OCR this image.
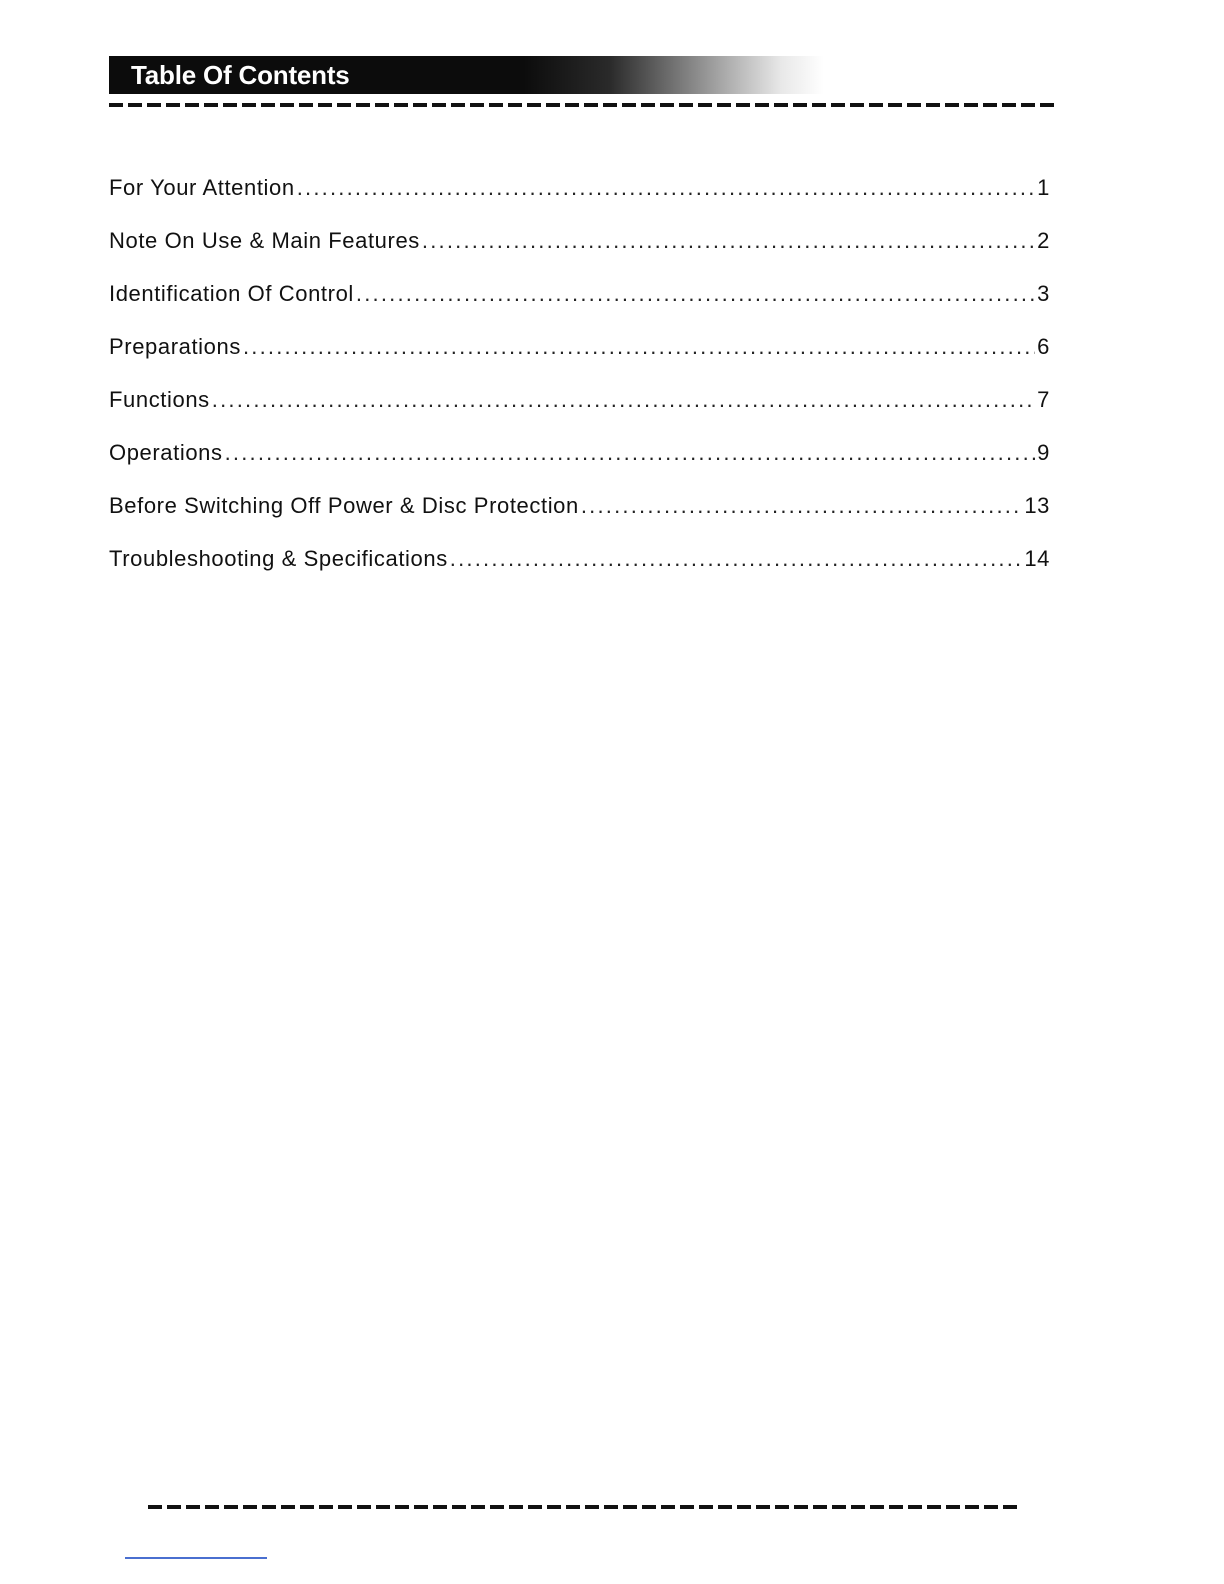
Table Of Contents
For Your Attention .....	1
Note On Use & Main Features .....	2
Identification Of Control .....	3
Preparations .....	6
Functions .....	7
Operations .....	9
Before Switching Off Power & Disc Protection .....	13
Troubleshooting & Specifications .....	14
